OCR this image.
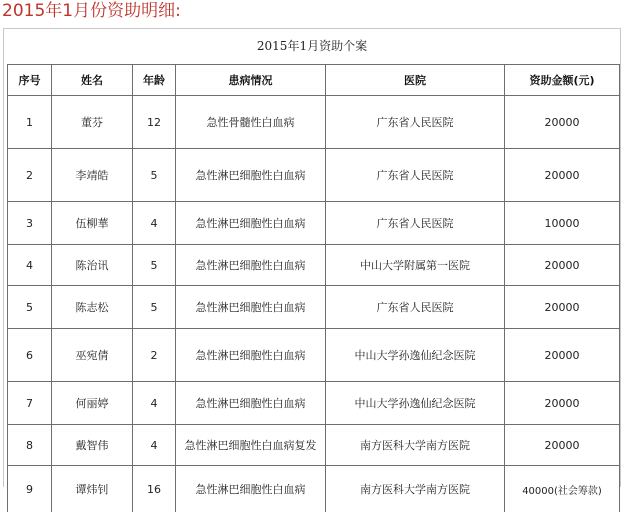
2015年1月份资助明细:
2015年1月资助个案
序号	姓名	年龄	患病情况	医院	资助金额(元)
1	董芬	12	急性骨髓性白血病	广东省人民医院	20000
2	李靖皓	5	急性淋巴细胞性白血病	广东省人民医院	20000
3	伍柳華	4	急性淋巴细胞性白血病	广东省人民医院	10000
4	陈治讯	5	急性淋巴细胞性白血病	中山大学附属第一医院	20000
5	陈志松	5	急性淋巴细胞性白血病	广东省人民医院	20000
6	巫宛倩	2	急性淋巴细胞性白血病	中山大学孙逸仙纪念医院	20000
7	何丽婷	4	急性淋巴细胞性白血病	中山大学孙逸仙纪念医院	20000
8	戴智伟	4	急性淋巴细胞性白血病复发	南方医科大学南方医院	20000
9	谭炜钊	16	急性淋巴细胞性白血病	南方医科大学南方医院	40000(社会筹款)
